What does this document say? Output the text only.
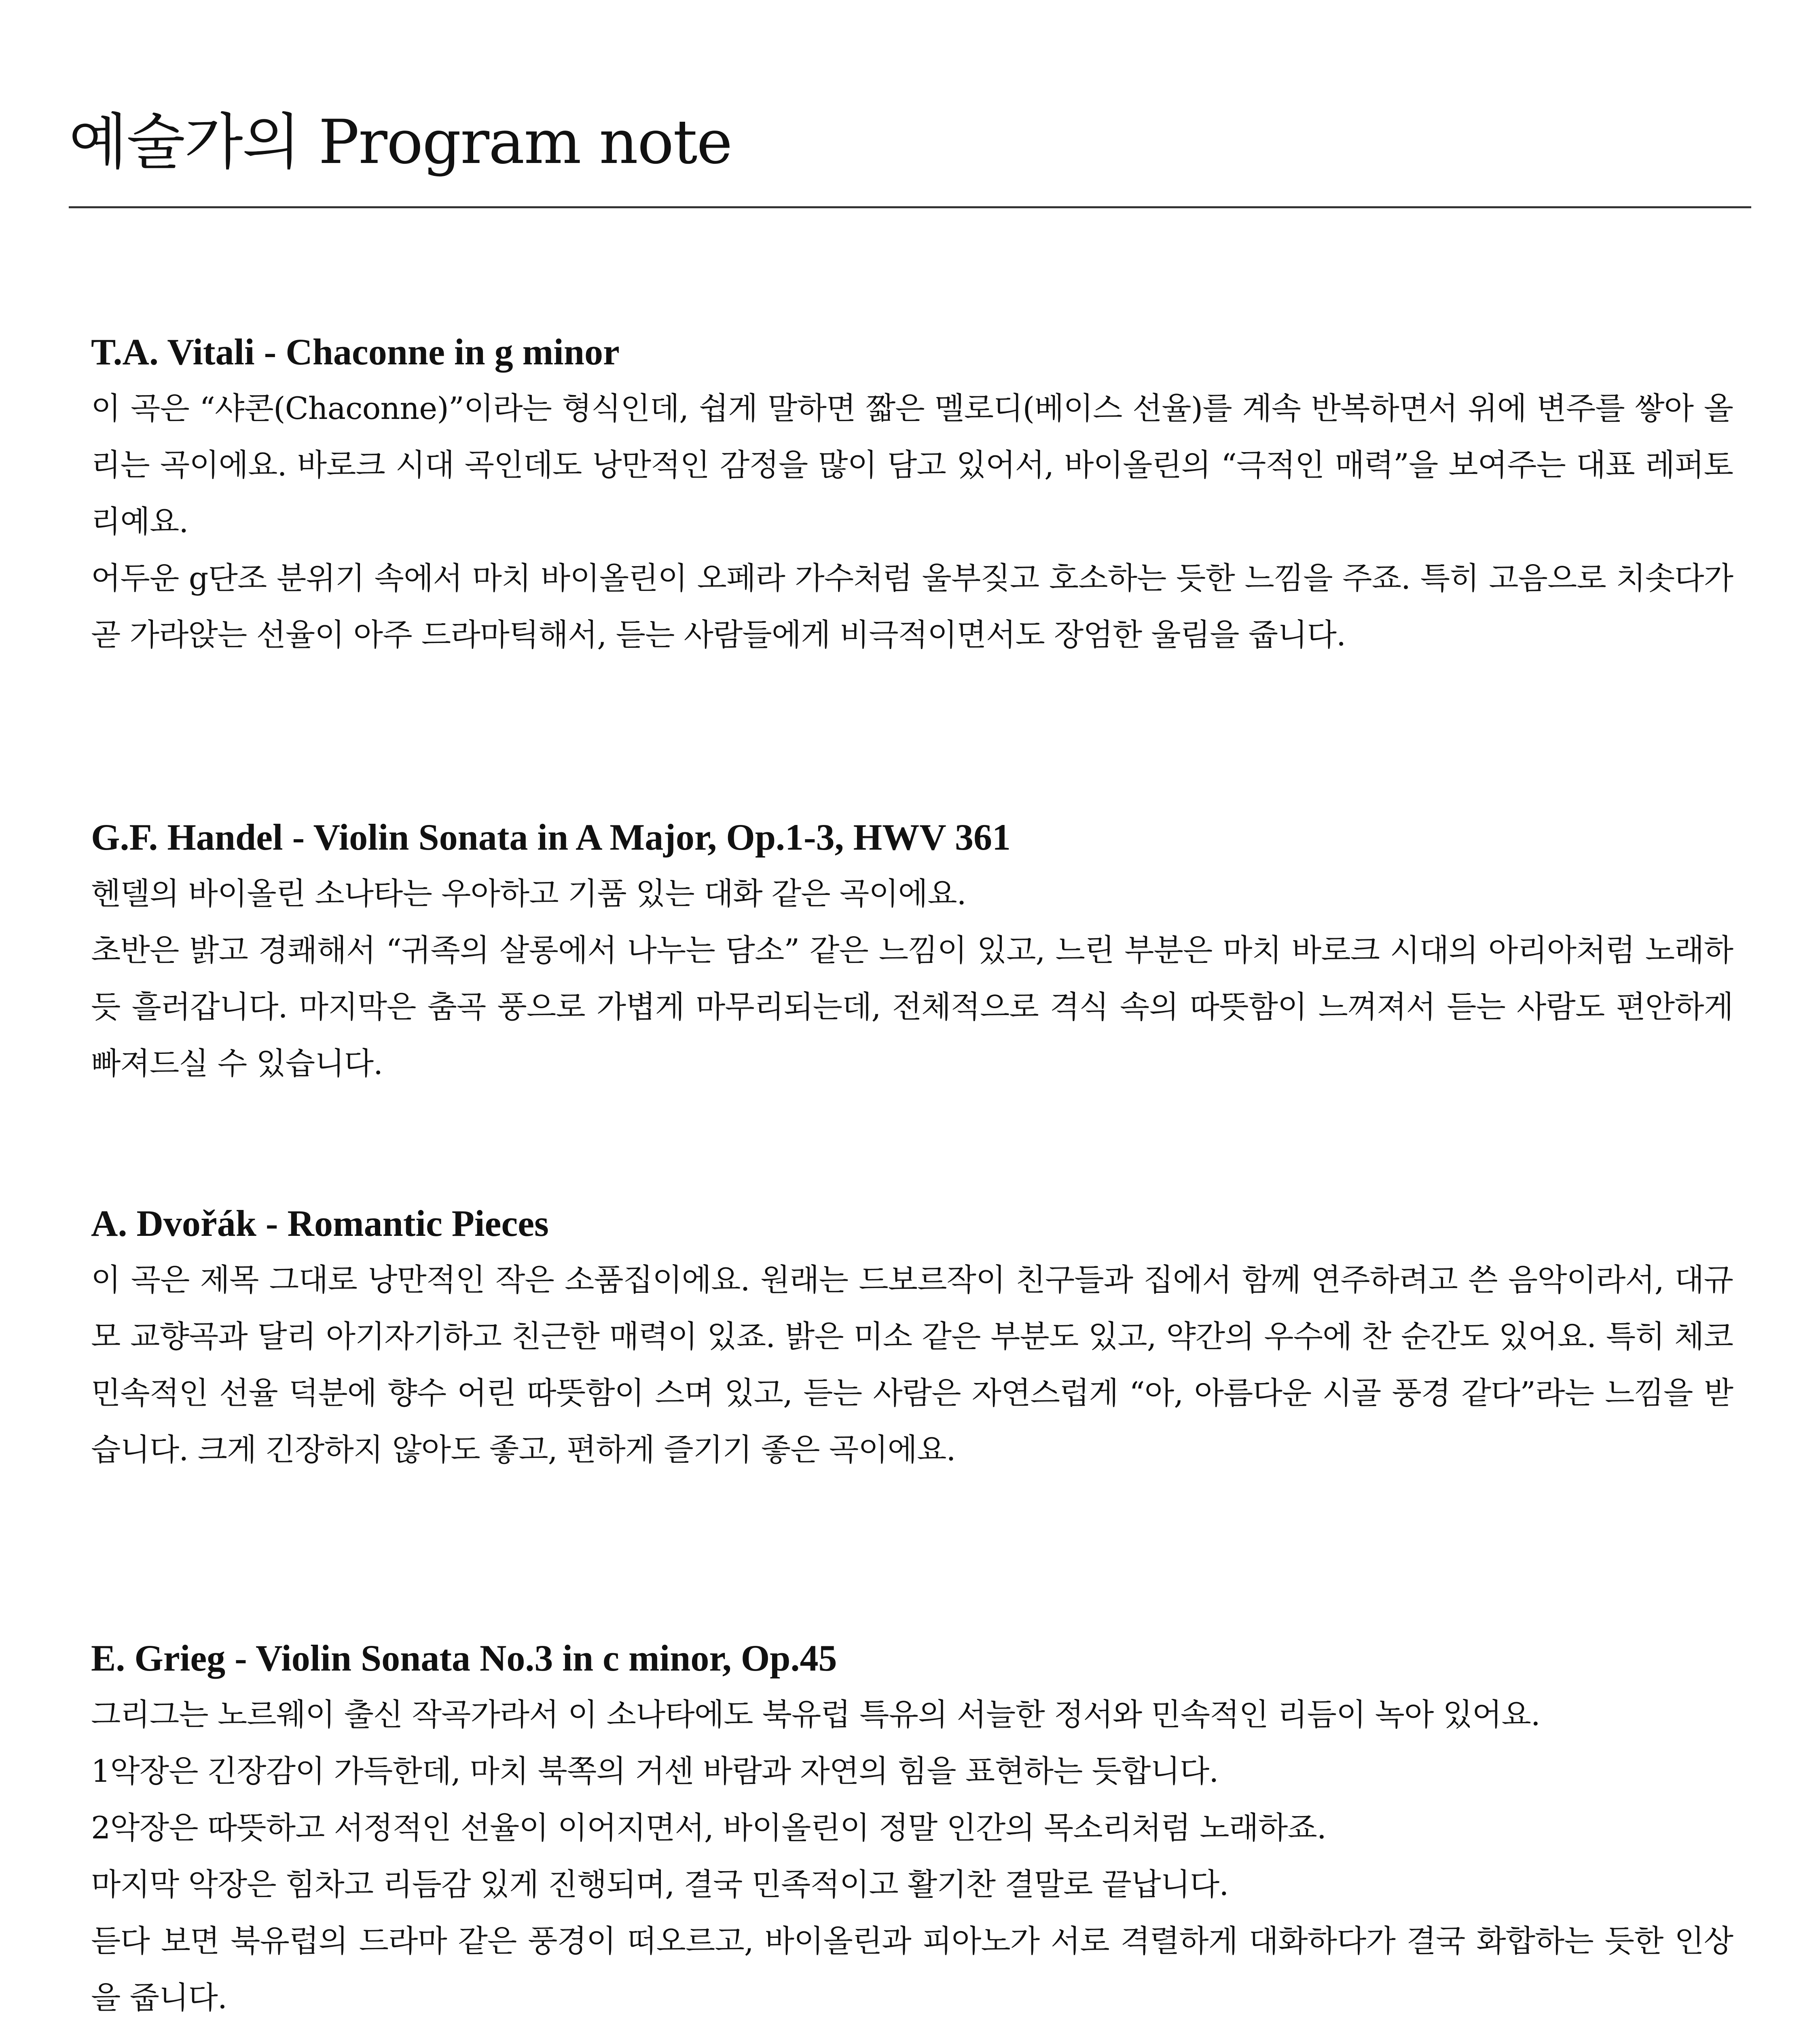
예술가의 Program note
T.A. Vitali - Chaconne in g minor

이 곡은 “샤콘(Chaconne)”이라는 형식인데, 쉽게 말하면 짧은 멜로디(베이스 선율)를 계속 반복하면서 위에 변주를 쌓아 올리는 곡이에요. 바로크 시대 곡인데도 낭만적인 감정을 많이 담고 있어서, 바이올린의 “극적인 매력”을 보여주는 대표 레퍼토리예요.

어두운 g단조 분위기 속에서 마치 바이올린이 오페라 가수처럼 울부짖고 호소하는 듯한 느낌을 주죠. 특히 고음으로 치솟다가 곧 가라앉는 선율이 아주 드라마틱해서, 듣는 사람들에게 비극적이면서도 장엄한 울림을 줍니다.

G.F. Handel - Violin Sonata in A Major, Op.1-3, HWV 361

헨델의 바이올린 소나타는 우아하고 기품 있는 대화 같은 곡이에요.

초반은 밝고 경쾌해서 “귀족의 살롱에서 나누는 담소” 같은 느낌이 있고, 느린 부분은 마치 바로크 시대의 아리아처럼 노래하듯 흘러갑니다. 마지막은 춤곡 풍으로 가볍게 마무리되는데, 전체적으로 격식 속의 따뜻함이 느껴져서 듣는 사람도 편안하게 빠져드실 수 있습니다.

A. Dvořák - Romantic Pieces

이 곡은 제목 그대로 낭만적인 작은 소품집이에요. 원래는 드보르작이 친구들과 집에서 함께 연주하려고 쓴 음악이라서, 대규모 교향곡과 달리 아기자기하고 친근한 매력이 있죠. 밝은 미소 같은 부분도 있고, 약간의 우수에 찬 순간도 있어요. 특히 체코 민속적인 선율 덕분에 향수 어린 따뜻함이 스며 있고, 듣는 사람은 자연스럽게 “아, 아름다운 시골 풍경 같다”라는 느낌을 받습니다. 크게 긴장하지 않아도 좋고, 편하게 즐기기 좋은 곡이에요.

E. Grieg - Violin Sonata No.3 in c minor, Op.45

그리그는 노르웨이 출신 작곡가라서 이 소나타에도 북유럽 특유의 서늘한 정서와 민속적인 리듬이 녹아 있어요.

1악장은 긴장감이 가득한데, 마치 북쪽의 거센 바람과 자연의 힘을 표현하는 듯합니다.

2악장은 따뜻하고 서정적인 선율이 이어지면서, 바이올린이 정말 인간의 목소리처럼 노래하죠.

마지막 악장은 힘차고 리듬감 있게 진행되며, 결국 민족적이고 활기찬 결말로 끝납니다.

듣다 보면 북유럽의 드라마 같은 풍경이 떠오르고, 바이올린과 피아노가 서로 격렬하게 대화하다가 결국 화합하는 듯한 인상을 줍니다.
